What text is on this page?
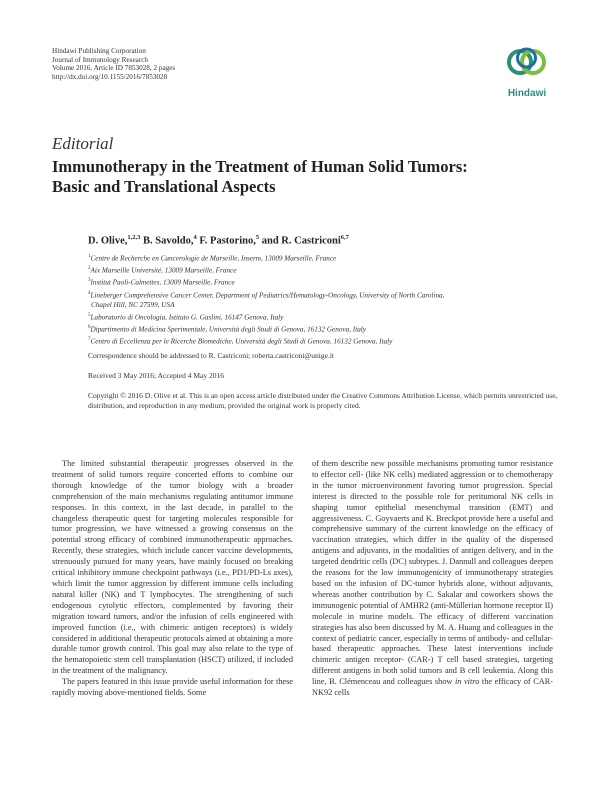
Hindawi Publishing Corporation
Journal of Immunology Research
Volume 2016, Article ID 7853028, 2 pages
http://dx.doi.org/10.1155/2016/7853028
Hindawi
Editorial
Immunotherapy in the Treatment of Human Solid Tumors:
Basic and Translational Aspects
D. Olive,$^{1,2,3}$ B. Savoldo,$^4$ F. Pastorino,$^5$ and R. Castriconi$^{6,7}$
$^1$Centre de Recherche en Cancerologie de Marseille, Inserm, 13009 Marseille, France
$^2$Aix Marseille Université, 13009 Marseille, France
$^3$Institut Paoli-Calmettes, 13009 Marseille, France
$^4$Lineberger Comprehensive Cancer Center, Department of Pediatrics/Hematology-Oncology, University of North Carolina,
Chapel Hill, NC 27599, USA
$^5$Laboratorio di Oncologia, Istituto G. Gaslini, 16147 Genova, Italy
$^6$Dipartimento di Medicina Sperimentale, Università degli Studi di Genova, 16132 Genova, Italy
$^7$Centro di Eccellenza per le Ricerche Biomediche, Università degli Studi di Genova, 16132 Genova, Italy
Correspondence should be addressed to R. Castriconi; roberta.castriconi@unige.it
Received 3 May 2016; Accepted 4 May 2016
Copyright © 2016 D. Olive et al. This is an open access article distributed under the Creative Commons Attribution License, which permits unrestricted use, distribution, and reproduction in any medium, provided the original work is properly cited.

The limited substantial therapeutic progresses observed in the treatment of solid tumors require concerted efforts to combine our thorough knowledge of the tumor biology with a broader comprehension of the main mechanisms regulating antitumor immune responses. In this context, in the last decade, in parallel to the changeless therapeutic quest for targeting molecules responsible for tumor progression, we have witnessed a growing consensus on the potential strong efficacy of combined immunotherapeutic approaches. Recently, these strategies, which include cancer vaccine developments, strenuously pursued for many years, have mainly focused on breaking critical inhibitory immune checkpoint pathways (i.e., PD1/PD-Ls axes), which limit the tumor aggression by different immune cells including natural killer (NK) and T lymphocytes. The strengthening of such endogenous cytolytic effectors, complemented by favoring their migration toward tumors, and/or the infusion of cells engineered with improved function (i.e., with chimeric antigen receptors) is widely considered in additional therapeutic protocols aimed at obtaining a more durable tumor growth control. This goal may also relate to the type of the hematopoietic stem cell transplantation (HSCT) utilized, if included in the treatment of the malignancy.

The papers featured in this issue provide useful information for these rapidly moving above-mentioned fields. Some

of them describe new possible mechanisms promoting tumor resistance to effector cell- (like NK cells) mediated aggression or to chemotherapy in the tumor microenvironment favoring tumor progression. Special interest is directed to the possible role for peritumoral NK cells in shaping tumor epithelial mesenchymal transition (EMT) and aggressiveness. C. Goyvaerts and K. Breckpot provide here a useful and comprehensive summary of the current knowledge on the efficacy of vaccination strategies, which differ in the quality of the dispensed antigens and adjuvants, in the modalities of antigen delivery, and in the targeted dendritic cells (DC) subtypes. J. Dannull and colleagues deepen the reasons for the low immunogenicity of immunotherapy strategies based on the infusion of DC-tumor hybrids alone, without adjuvants, whereas another contribution by C. Sakalar and coworkers shows the immunogenic potential of AMHR2 (anti-Müllerian hormone receptor II) molecule in murine models. The efficacy of different vaccination strategies has also been discussed by M. A. Huang and colleagues in the context of pediatric cancer, especially in terms of antibody- and cellular-based therapeutic approaches. These latest interventions include chimeric antigen receptor- (CAR-) T cell based strategies, targeting different antigens in both solid tumors and B cell leukemia. Along this line, B. Clémenceau and colleagues show in vitro the efficacy of CAR-NK92 cells
